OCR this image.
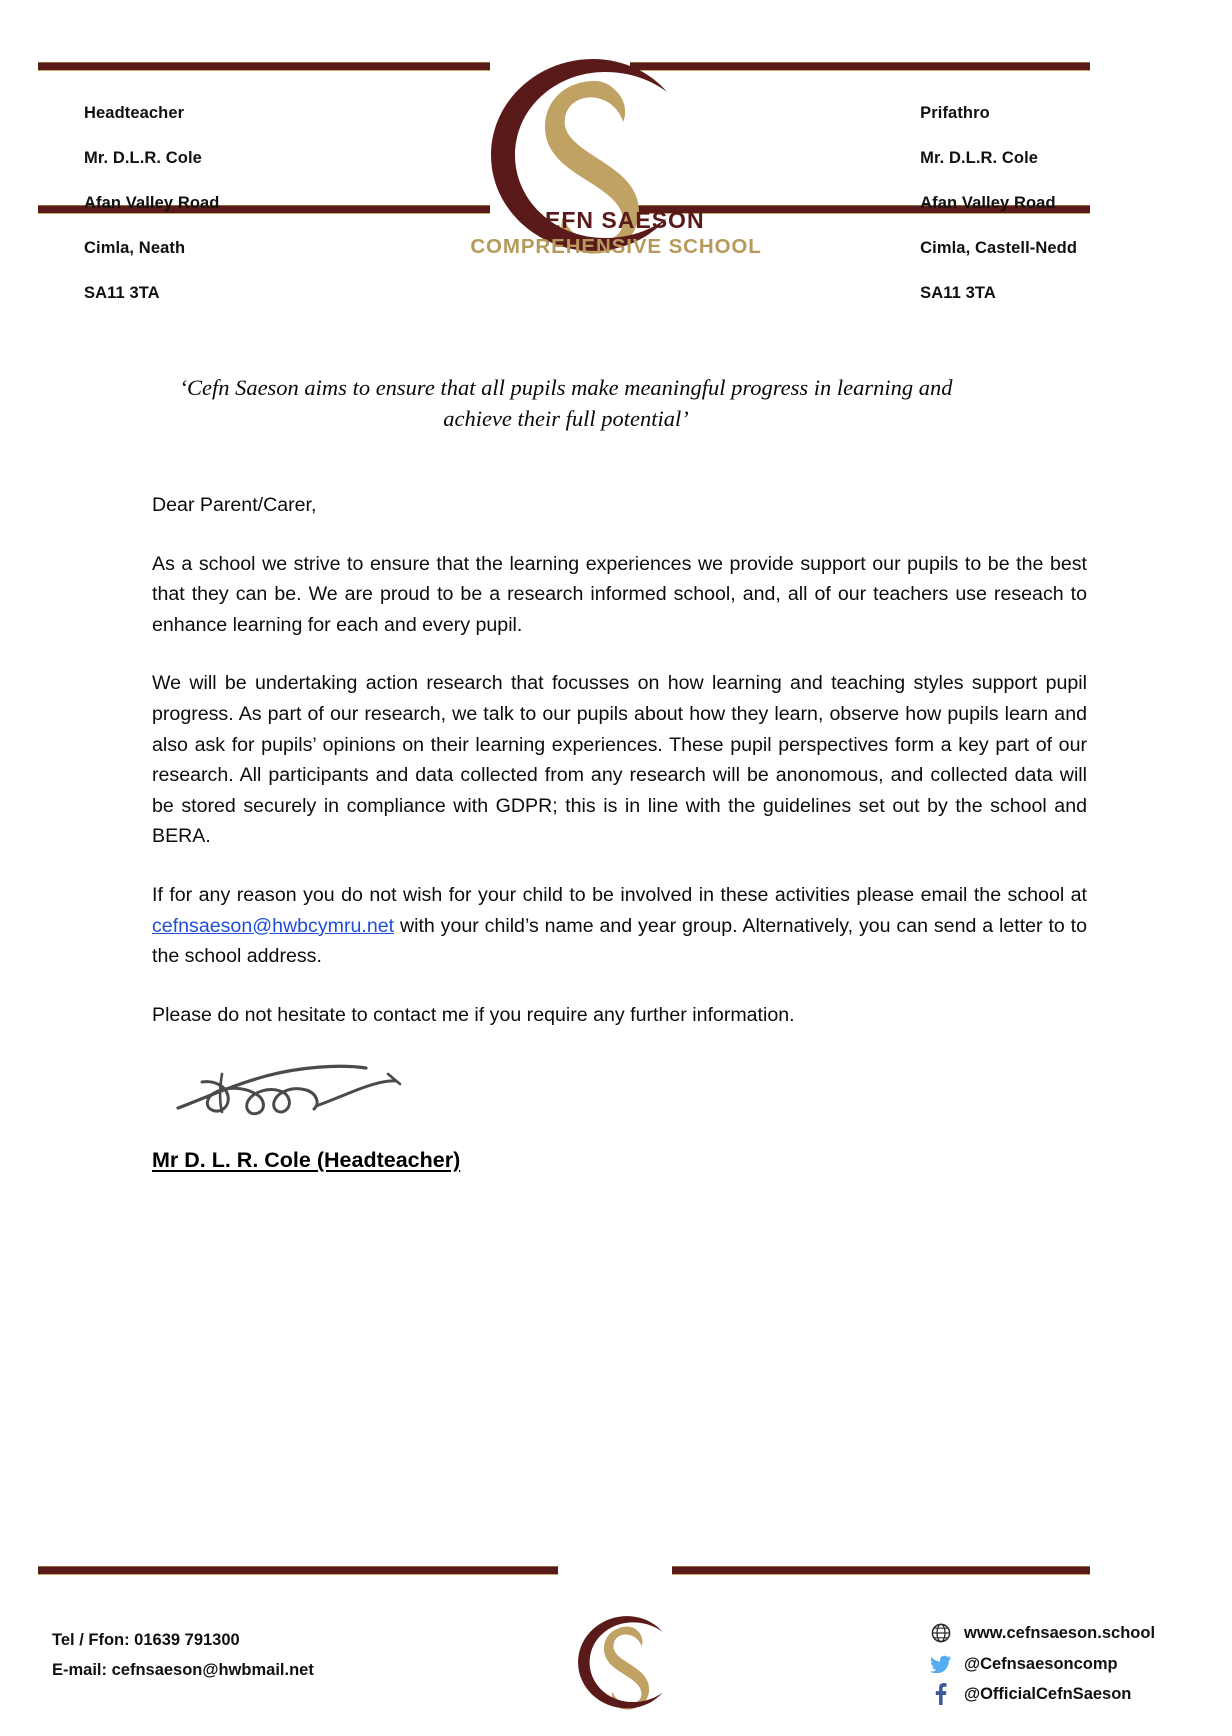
Headteacher

Mr. D.L.R. Cole

Afan Valley Road

Cimla, Neath

SA11 3TA

Prifathro

Mr. D.L.R. Cole

Afan Valley Road

Cimla, Castell-Nedd

SA11 3TA

CEFN SAESON
COMPREHENSIVE SCHOOL
‘Cefn Saeson aims to ensure that all pupils make meaningful progress in learning and achieve their full potential’

Dear Parent/Carer,

As a school we strive to ensure that the learning experiences we provide support our pupils to be the best that they can be. We are proud to be a research informed school, and, all of our teachers use reseach to enhance learning for each and every pupil.

We will be undertaking action research that focusses on how learning and teaching styles support pupil progress. As part of our research, we talk to our pupils about how they learn, observe how pupils learn and also ask for pupils’ opinions on their learning experiences. These pupil perspectives form a key part of our research. All participants and data collected from any research will be anonomous, and collected data will be stored securely in compliance with GDPR; this is in line with the guidelines set out by the school and BERA.

If for any reason you do not wish for your child to be involved in these activities please email the school at cefnsaeson@hwbcymru.net with your child’s name and year group. Alternatively, you can send a letter to to the school address.

Please do not hesitate to contact me if you require any further information.

Mr D. L. R. Cole (Headteacher)
Tel / Ffon: 01639 791300
E-mail: cefnsaeson@hwbmail.net
www.cefnsaeson.school
@Cefnsaesoncomp
@OfficialCefnSaeson
